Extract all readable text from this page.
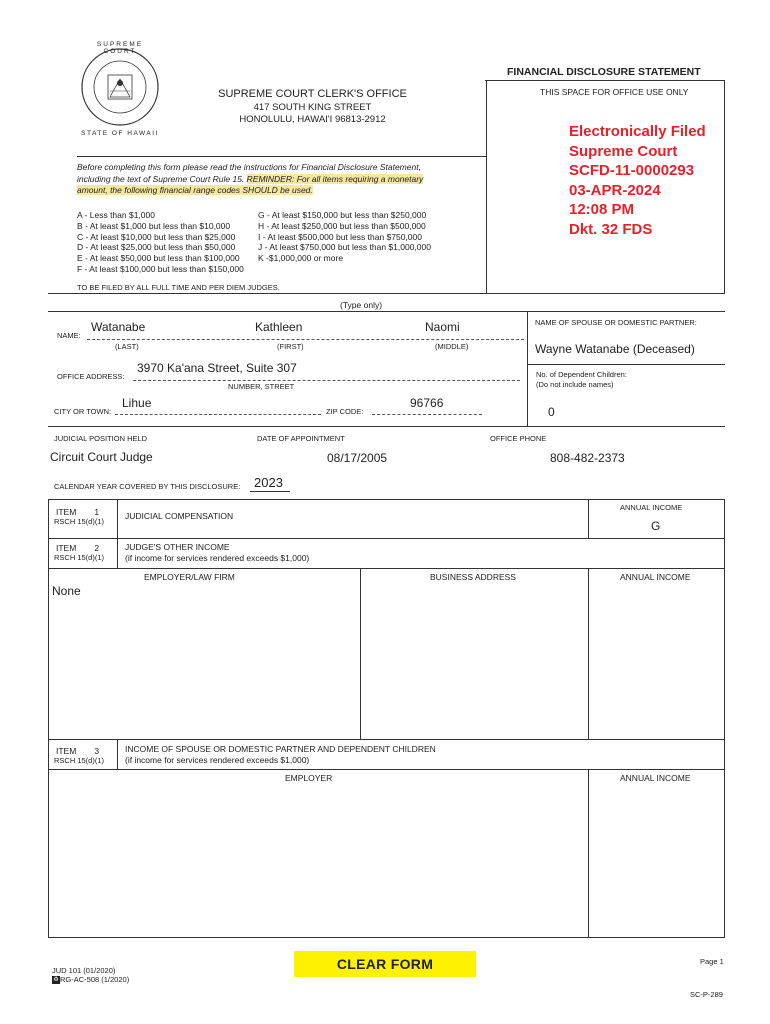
SUPREME COURT
STATE OF HAWAII
FINANCIAL DISCLOSURE STATEMENT
SUPREME COURT CLERK'S OFFICE
417 SOUTH KING STREET
HONOLULU, HAWAI'I 96813-2912
THIS SPACE FOR OFFICE USE ONLY
Electronically Filed
Supreme Court
SCFD-11-0000293
03-APR-2024
12:08 PM
Dkt. 32 FDS
Before completing this form please read the instructions for Financial Disclosure Statement,
including the text of Supreme Court Rule 15. REMINDER: For all items requiring a monetary
amount, the following financial range codes SHOULD be used.
A - Less than $1,000
B - At least $1,000 but less than $10,000
C - At least $10,000 but less than $25,000
D - At least $25,000 but less than $50,000
E - At least $50,000 but less than $100,000
F - At least $100,000 but less than $150,000
G - At least $150,000 but less than $250,000
H - At least $250,000 but less than $500,000
I - At least $500,000 but less than $750,000
J - At least $750,000 but less than $1,000,000
K -$1,000,000 or more
TO BE FILED BY ALL FULL TIME AND PER DIEM JUDGES.
(Type only)
NAME:
Watanabe	Kathleen	Naomi
(LAST)	(FIRST)	(MIDDLE)
NAME OF SPOUSE OR DOMESTIC PARTNER:
Wayne Watanabe (Deceased)
OFFICE ADDRESS:
3970 Ka'ana Street, Suite 307
NUMBER, STREET
No. of Dependent Children:
(Do not include names)
0
CITY OR TOWN:
Lihue
ZIP CODE:
96766
JUDICIAL POSITION HELD	DATE OF APPOINTMENT	OFFICE PHONE
Circuit Court Judge	08/17/2005	808-482-2373
CALENDAR YEAR COVERED BY THIS DISCLOSURE: 2023
ITEM 1
RSCH 15(d)(1)
JUDICIAL COMPENSATION
ANNUAL INCOME
G
ITEM 2
RSCH 15(d)(1)
JUDGE'S OTHER INCOME
(if income for services rendered exceeds $1,000)
EMPLOYER/LAW FIRM	BUSINESS ADDRESS	ANNUAL INCOME
None
ITEM 3
RSCH 15(d)(1)
INCOME OF SPOUSE OR DOMESTIC PARTNER AND DEPENDENT CHILDREN
(if income for services rendered exceeds $1,000)
EMPLOYER	ANNUAL INCOME
JUD 101 (01/2020)
♻RG-AC-508 (1/2020)
CLEAR FORM	Page 1
SC-P-289
